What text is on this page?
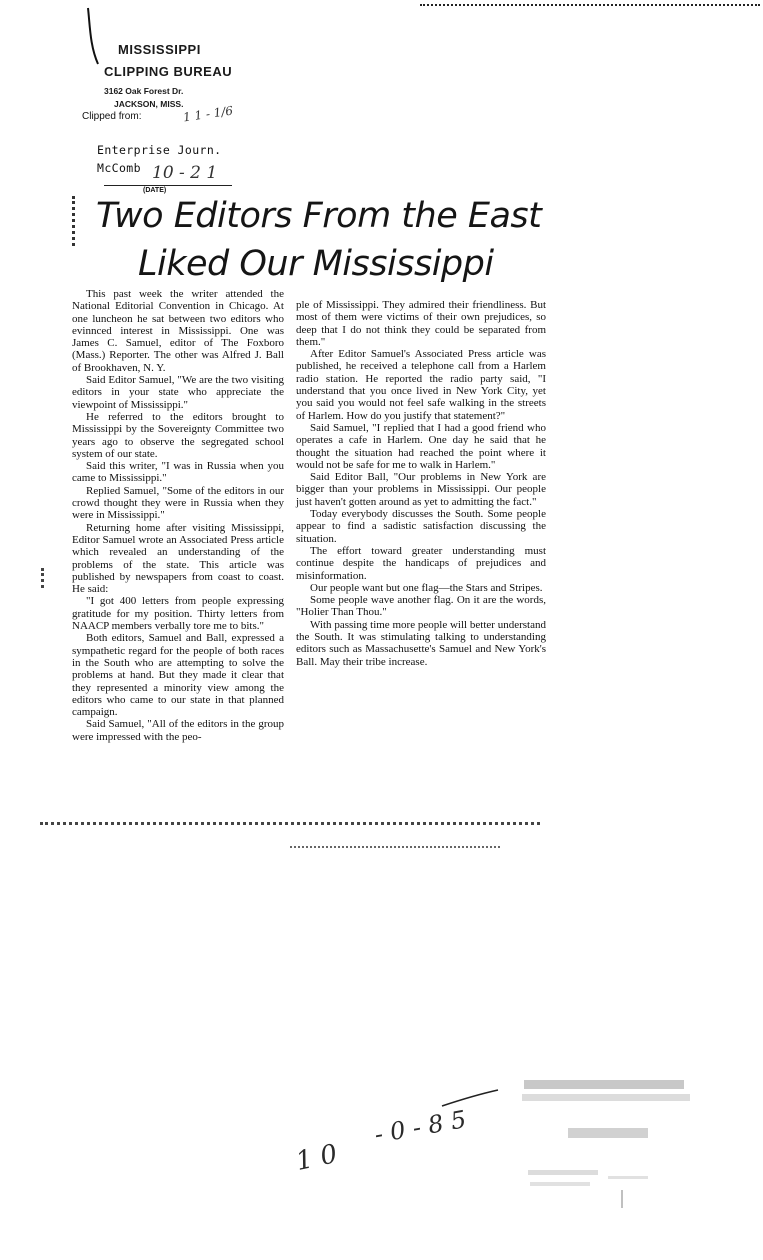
MISSISSIPPI
CLIPPING BUREAU
3162 Oak Forest Dr.
JACKSON, MISS.
Clipped from:	1 1 - 1/6
Enterprise Journ.
McComb 10 - 2 1
(DATE)
Two Editors From the East
Liked Our Mississippi

This past week the writer attended the National Editorial Convention in Chicago. At one luncheon he sat between two editors who evinnced interest in Mississippi. One was James C. Samuel, editor of The Foxboro (Mass.) Reporter. The other was Alfred J. Ball of Brookhaven, N. Y.

Said Editor Samuel, "We are the two visiting editors in your state who appreciate the viewpoint of Mississippi."

He referred to the editors brought to Mississippi by the Sovereignty Committee two years ago to observe the segregated school system of our state.

Said this writer, "I was in Russia when you came to Mississippi."

Replied Samuel, "Some of the editors in our crowd thought they were in Russia when they were in Mississippi."

Returning home after visiting Mississippi, Editor Samuel wrote an Associated Press article which revealed an understanding of the problems of the state. This article was published by newspapers from coast to coast. He said:

"I got 400 letters from people expressing gratitude for my position. Thirty letters from NAACP members verbally tore me to bits."

Both editors, Samuel and Ball, expressed a sympathetic regard for the people of both races in the South who are attempting to solve the problems at hand. But they made it clear that they represented a minority view among the editors who came to our state in that planned campaign.

Said Samuel, "All of the editors in the group were impressed with the peo-

ple of Mississippi. They admired their friendliness. But most of them were victims of their own prejudices, so deep that I do not think they could be separated from them."

After Editor Samuel's Associated Press article was published, he received a telephone call from a Harlem radio station. He reported the radio party said, "I understand that you once lived in New York City, yet you said you would not feel safe walking in the streets of Harlem. How do you justify that statement?"

Said Samuel, "I replied that I had a good friend who operates a cafe in Harlem. One day he said that he thought the situation had reached the point where it would not be safe for me to walk in Harlem."

Said Editor Ball, "Our problems in New York are bigger than your problems in Mississippi. Our people just haven't gotten around as yet to admitting the fact."

Today everybody discusses the South. Some people appear to find a sadistic satisfaction discussing the situation.

The effort toward greater understanding must continue despite the handicaps of prejudices and misinformation.

Our people want but one flag—the Stars and Stripes.

Some people wave another flag. On it are the words, "Holier Than Thou."

With passing time more people will better understand the South. It was stimulating talking to understanding editors such as Massachusette's Samuel and New York's Ball. May their tribe increase.

1 0
- 0 - 8 5
